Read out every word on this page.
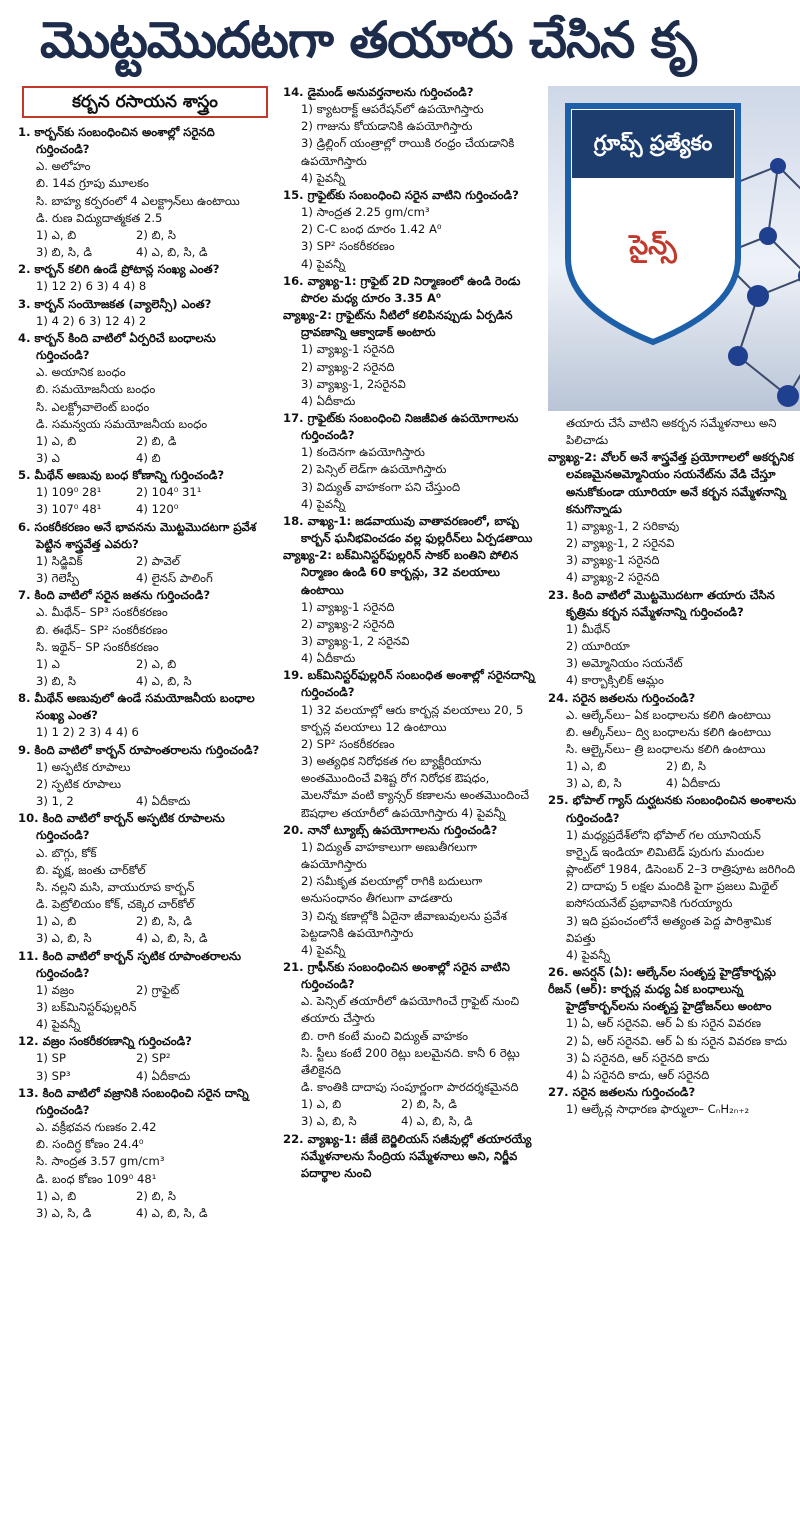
మొట్టమొదటగా తయారు చేసిన కృ
గ్రూప్స్ ప్రత్యేకం
సైన్స్
కర్బన రసాయన శాస్త్రం

1. కార్బన్‌కు సంబంధించిన అంశాల్లో సరైనది గుర్తించండి?

ఎ. అలోహం

బి. 14వ గ్రూపు మూలకం

సి. బాహ్య కర్పరంలో 4 ఎలక్ట్రాన్‌లు ఉంటాయి

డి. రుణ విద్యుదాత్మకత 2.5

1) ఎ, బి	2) బి, సి

3) బి, సి, డి	4) ఎ, బి, సి, డి

2. కార్బన్ కలిగి ఉండే ప్రోటాన్ల సంఖ్య ఎంత?

1) 12 2) 6 3) 4 4) 8

3. కార్బన్ సంయోజకత (వ్యాలెన్సీ) ఎంత?

1) 4 2) 6 3) 12 4) 2

4. కార్బన్ కింది వాటిలో ఏర్పరిచే బంధాలను గుర్తించండి?

ఎ. అయానిక బంధం

బి. సమయోజనీయ బంధం

సి. ఎలక్ట్రోవాలెంట్ బంధం

డి. సమన్వయ సమయోజనీయ బంధం

1) ఎ, బి	2) బి, డి

3) ఎ	4) బి

5. మీథేన్ అణువు బంధ కోణాన్ని గుర్తించండి?

1) 109⁰ 28¹	2) 104⁰ 31¹

3) 107⁰ 48¹	4) 120⁰

6. సంకరీకరణం అనే భావనను మొట్టమొదటగా ప్రవేశ పెట్టిన శాస్త్రవేత్త ఎవరు?

1) సిడ్జివిక్	2) పావెల్

3) గెలెస్పీ	4) లైనస్ పాలింగ్

7. కింది వాటిలో సరైన జతను గుర్తించండి?

ఎ. మీథేన్– SP³ సంకరీకరణం

బి. ఈథేన్– SP² సంకరీకరణం

సి. ఇథైన్– SP సంకరీకరణం

1) ఎ	2) ఎ, బి

3) బి, సి	4) ఎ, బి, సి

8. మీథేన్ అణువులో ఉండే సమయోజనీయ బంధాల సంఖ్య ఎంత?

1) 1 2) 2 3) 4 4) 6

9. కింది వాటిలో కార్బన్ రూపాంతరాలను గుర్తించండి?

1) అస్ఫటిక రూపాలు

2) స్ఫటిక రూపాలు

3) 1, 2	4) ఏదీకాదు

10. కింది వాటిలో కార్బన్ అస్ఫటిక రూపాలను గుర్తించండి?

ఎ. బొగ్గు, కోక్

బి. వృక్ష, జంతు చార్‌కోల్

సి. నల్లని మసి, వాయురూప కార్బన్

డి. పెట్రోలియం కోక్, చక్కెర చార్‌కోల్

1) ఎ, బి	2) బి, సి, డి

3) ఎ, బి, సి	4) ఎ, బి, సి, డి

11. కింది వాటిలో కార్బన్ స్ఫటిక రూపాంతరాలను గుర్తించండి?

1) వజ్రం	2) గ్రాఫైట్

3) బక్‌మినిస్టర్‌ఫుల్లరిన్

4) పైవన్నీ

12. వజ్రం సంకరీకరణాన్ని గుర్తించండి?

1) SP	2) SP²

3) SP³	4) ఏదీకాదు

13. కింది వాటిలో వజ్రానికి సంబంధించి సరైన దాన్ని గుర్తించండి?

ఎ. వక్రీభవన గుణకం 2.42

బి. సందిగ్ధ కోణం 24.4⁰

సి. సాంద్రత 3.57 gm/cm³

డి. బంధ కోణం 109⁰ 48¹

1) ఎ, బి	2) బి, సి

3) ఎ, సి, డి	4) ఎ, బి, సి, డి

14. డైమండ్ అనువర్తనాలను గుర్తించండి?

1) క్యాటరాక్ట్ ఆపరేషన్‌లో ఉపయోగిస్తారు

2) గాజును కోయడానికి ఉపయోగిస్తారు

3) డ్రిల్లింగ్ యంత్రాల్లో రాయికి రంధ్రం చేయడానికి ఉపయోగిస్తారు

4) పైవన్నీ

15. గ్రాఫైట్‌కు సంబంధించి సరైన వాటిని గుర్తించండి?

1) సాంద్రత 2.25 gm/cm³

2) C-C బంధ దూరం 1.42 A⁰

3) SP² సంకరీకరణం

4) పైవన్నీ

16. వ్యాఖ్య-1: గ్రాఫైట్ 2D నిర్మాణంలో ఉండి రెండు పొరల మధ్య దూరం 3.35 A⁰

వ్యాఖ్య-2: గ్రాఫైట్‌ను నీటిలో కలిపినప్పుడు ఏర్పడిన ద్రావణాన్ని ఆక్వాడాక్ అంటారు

1) వ్యాఖ్య-1 సరైనది

2) వ్యాఖ్య-2 సరైనది

3) వ్యాఖ్య-1, 2సరైనవి

4) ఏదీకాదు

17. గ్రాఫైట్‌కు సంబంధించి నిజజీవిత ఉపయోగాలను గుర్తించండి?

1) కందెనగా ఉపయోగిస్తారు

2) పెన్సిల్ లెడ్‌గా ఉపయోగిస్తారు

3) విద్యుత్ వాహకంగా పని చేస్తుంది

4) పైవన్నీ

18. వాఖ్య-1: జడవాయువు వాతావరణంలో, బాష్ప కార్బన్ ఘనీభవించడం వల్ల ఫుల్లరీన్‌లు ఏర్పడతాయి

వ్యాఖ్య-2: బక్‌మినిస్టర్‌ఫుల్లరిన్ సాకర్ బంతిని పోలిన నిర్మాణం ఉండి 60 కార్బన్లు, 32 వలయాలు ఉంటాయి

1) వ్యాఖ్య-1 సరైనది

2) వ్యాఖ్య-2 సరైనది

3) వ్యాఖ్య-1, 2 సరైనవి

4) ఏదీకాదు

19. బక్‌మినిస్టర్‌ఫుల్లరిన్ సంబంధిత అంశాల్లో సరైనదాన్ని గుర్తించండి?

1) 32 వలయాల్లో ఆరు కార్బన్ల వలయాలు 20, 5 కార్బన్ల వలయాలు 12 ఉంటాయి

2) SP² సంకరీకరణం

3) అత్యధిక నిరోధకత గల బ్యాక్టీరియాను అంతమొందించే విశిష్ట రోగ నిరోధక ఔషధం, మెలనోమా వంటి క్యాన్సర్ కణాలను అంతమొందించే ఔషధాల తయారీలో ఉపయోగిస్తారు 4) పైవన్నీ

20. నానో ట్యూబ్స్ ఉపయోగాలను గుర్తించండి?

1) విద్యుత్ వాహకాలుగా అణుతీగలుగా ఉపయోగిస్తారు

2) సమీకృత వలయాల్లో రాగికి బదులుగా అనుసంధానం తీగలుగా వాడతారు

3) చిన్న కణాల్లోకి ఏదైనా జీవాణువులను ప్రవేశ పెట్టడానికి ఉపయోగిస్తారు

4) పైవన్నీ

21. గ్రాఫీన్‌కు సంబంధించిన అంశాల్లో సరైన వాటిని గుర్తించండి?

ఎ. పెన్సిల్ తయారీలో ఉపయోగించే గ్రాఫైట్ నుంచి తయారు చేస్తారు

బి. రాగి కంటే మంచి విద్యుత్ వాహకం

సి. స్టీలు కంటే 200 రెట్లు బలమైనది. కానీ 6 రెట్లు తేలికైనది

డి. కాంతికి దాదాపు సంపూర్ణంగా పారదర్శకమైనది

1) ఎ, బి	2) బి, సి, డి

3) ఎ, బి, సి	4) ఎ, బి, సి, డి

22. వ్యాఖ్య-1: జేజే బెర్జిలియస్ సజీవుల్లో తయారయ్యే సమ్మేళనాలను సేంద్రియ సమ్మేళనాలు అని, నిర్జీవ పదార్థాల నుంచి

తయారు చేసే వాటిని అకర్బన సమ్మేళనాలు అని పిలిచాడు

వ్యాఖ్య-2: వోలర్ అనే శాస్త్రవేత్త ప్రయోగాలలో అకర్బనిక లవణమైనఅమ్మోనియం సయనేట్‌ను వేడి చేస్తూ అనుకోకుండా యూరియా అనే కర్బన సమ్మేళనాన్ని కనుగొన్నాడు

1) వ్యాఖ్య-1, 2 సరికావు

2) వ్యాఖ్య-1, 2 సరైనవి

3) వ్యాఖ్య-1 సరైనది

4) వ్యాఖ్య-2 సరైనది

23. కింది వాటిలో మొట్టమొదటగా తయారు చేసిన కృత్రిమ కర్బన సమ్మేళనాన్ని గుర్తించండి?

1) మీథేన్

2) యూరియా

3) అమ్మోనియం సయనేట్

4) కార్బాక్సిలిక్ ఆమ్లం

24. సరైన జతలను గుర్తించండి?

ఎ. ఆల్కేన్‌లు– ఏక బంధాలను కలిగి ఉంటాయి

బి. ఆల్కీన్‌లు– ద్వి బంధాలను కలిగి ఉంటాయి

సి. ఆల్కైన్‌లు– త్రి బంధాలను కలిగి ఉంటాయి

1) ఎ, బి	2) బి, సి

3) ఎ, బి, సి	4) ఏదీకాదు

25. భోపాల్ గ్యాస్ దుర్ఘటనకు సంబంధించిన అంశాలను గుర్తించండి?

1) మధ్యప్రదేశ్‌లోని భోపాల్ గల యూనియన్ కార్బైడ్ ఇండియా లిమిటెడ్ పురుగు మందుల ప్లాంట్‌లో 1984, డిసెంబర్ 2–3 రాత్రిపూట జరిగింది

2) దాదాపు 5 లక్షల మందికి పైగా ప్రజలు మిథైల్ ఐసోసయనేట్ ప్రభావానికి గురయ్యారు

3) ఇది ప్రపంచంలోనే అత్యంత పెద్ద పారిశ్రామిక విపత్తు

4) పైవన్నీ

26. అసర్షన్ (ఏ): ఆల్కేన్‌ల సంతృప్త హైడ్రోకార్బన్లు

రీజన్ (ఆర్): కార్బన్ల మధ్య ఏక బంధాలున్న హైడ్రోకార్బన్‌లను సంతృప్త హైడ్రోజన్‌లు అంటాం

1) ఏ, ఆర్ సరైనవి. ఆర్ ఏ కు సరైన వివరణ

2) ఏ, ఆర్ సరైనవి. ఆర్ ఏ కు సరైన వివరణ కాదు

3) ఏ సరైనది, ఆర్ సరైనది కాదు

4) ఏ సరైనది కాదు, ఆర్ సరైనది

27. సరైన జతలను గుర్తించండి?

1) ఆల్కేన్ల సాధారణ ఫార్ములా– CₙH₂ₙ₊₂
